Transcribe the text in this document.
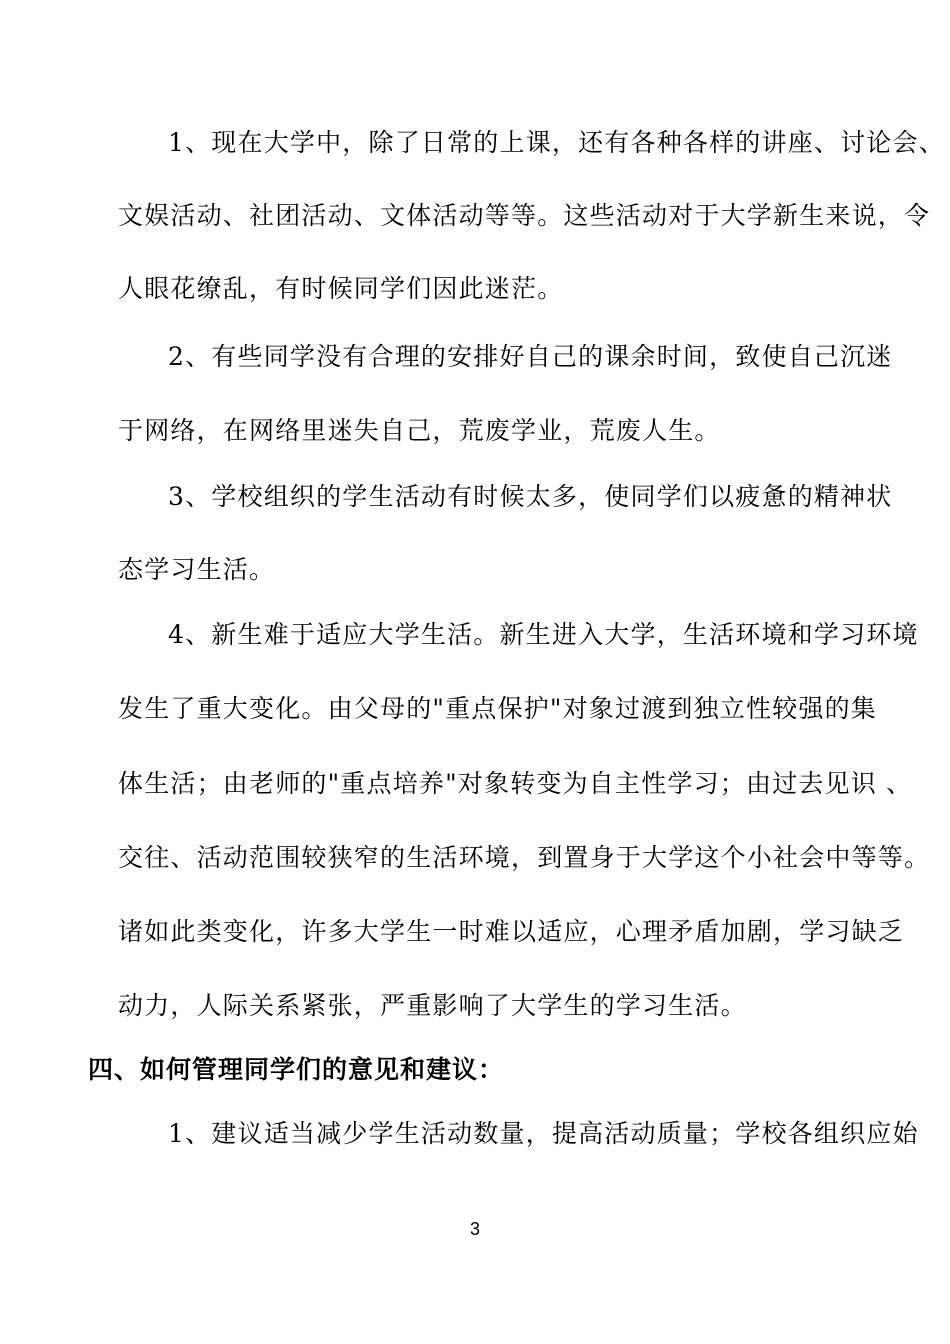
1、现在大学中，除了日常的上课，还有各种各样的讲座、讨论会、
文娱活动、社团活动、文体活动等等。这些活动对于大学新生来说，令
人眼花缭乱，有时候同学们因此迷茫。
2、有些同学没有合理的安排好自己的课余时间，致使自己沉迷
于网络，在网络里迷失自己，荒废学业，荒废人生。
3、学校组织的学生活动有时候太多，使同学们以疲惫的精神状
态学习生活。
4、新生难于适应大学生活。新生进入大学，生活环境和学习环境
发生了重大变化。由父母的"重点保护"对象过渡到独立性较强的集
体生活；由老师的"重点培养"对象转变为自主性学习；由过去见识 、
交往、活动范围较狭窄的生活环境，到置身于大学这个小社会中等等。
诸如此类变化，许多大学生一时难以适应，心理矛盾加剧，学习缺乏
动力，人际关系紧张，严重影响了大学生的学习生活。
四、如何管理同学们的意见和建议：
1、建议适当减少学生活动数量，提高活动质量；学校各组织应始
3
